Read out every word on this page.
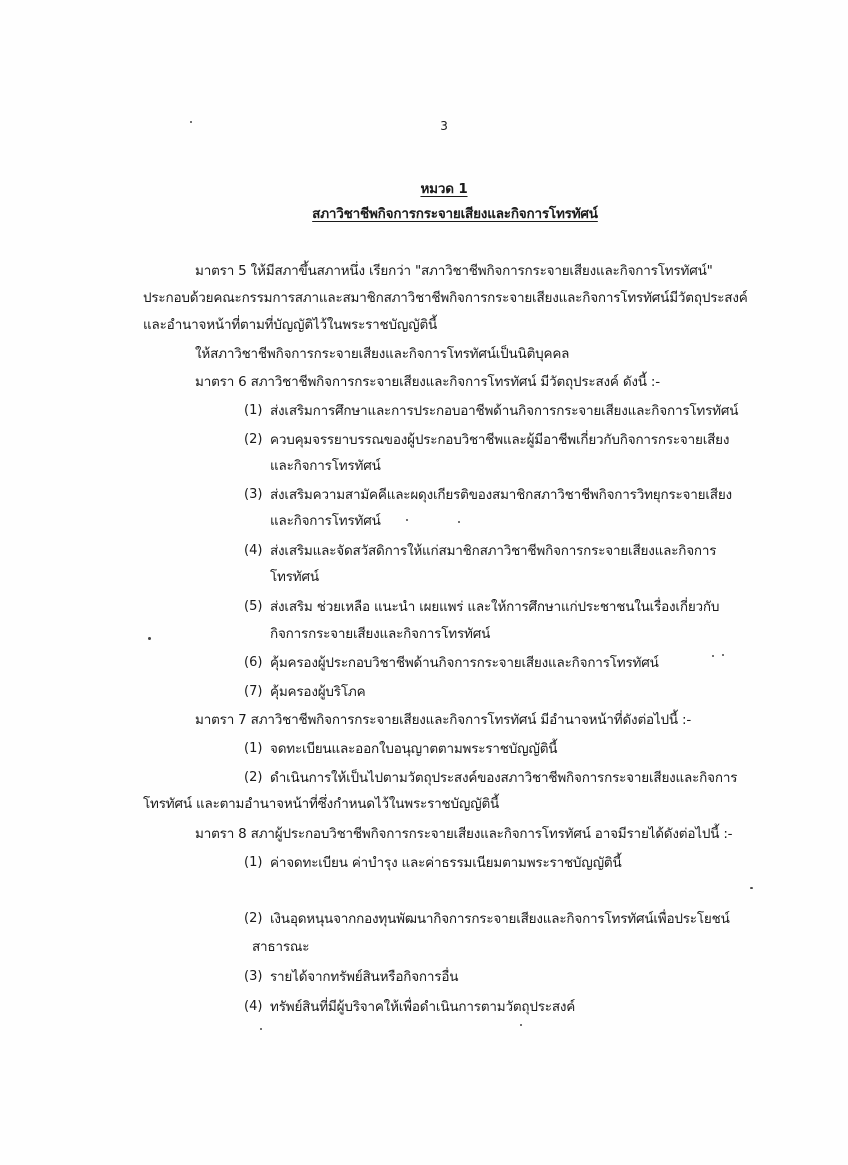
3
หมวด 1
สภาวิชาชีพกิจการกระจายเสียงและกิจการโทรทัศน์
มาตรา 5 ให้มีสภาขึ้นสภาหนึ่ง เรียกว่า "สภาวิชาชีพกิจการกระจายเสียงและกิจการโทรทัศน์"
ประกอบด้วยคณะกรรมการสภาและสมาชิกสภาวิชาชีพกิจการกระจายเสียงและกิจการโทรทัศน์มีวัตถุประสงค์
และอำนาจหน้าที่ตามที่บัญญัติไว้ในพระราชบัญญัตินี้
ให้สภาวิชาชีพกิจการกระจายเสียงและกิจการโทรทัศน์เป็นนิติบุคคล
มาตรา 6 สภาวิชาชีพกิจการกระจายเสียงและกิจการโทรทัศน์ มีวัตถุประสงค์ ดังนี้ :-
(1) ส่งเสริมการศึกษาและการประกอบอาชีพด้านกิจการกระจายเสียงและกิจการโทรทัศน์
(2) ควบคุมจรรยาบรรณของผู้ประกอบวิชาชีพและผู้มีอาชีพเกี่ยวกับกิจการกระจายเสียง
และกิจการโทรทัศน์
(3) ส่งเสริมความสามัคคีและผดุงเกียรติของสมาชิกสภาวิชาชีพกิจการวิทยุกระจายเสียง
และกิจการโทรทัศน์
(4) ส่งเสริมและจัดสวัสดิการให้แก่สมาชิกสภาวิชาชีพกิจการกระจายเสียงและกิจการ
โทรทัศน์
(5) ส่งเสริม ช่วยเหลือ แนะนำ เผยแพร่ และให้การศึกษาแก่ประชาชนในเรื่องเกี่ยวกับ
กิจการกระจายเสียงและกิจการโทรทัศน์
(6) คุ้มครองผู้ประกอบวิชาชีพด้านกิจการกระจายเสียงและกิจการโทรทัศน์
(7) คุ้มครองผู้บริโภค
มาตรา 7 สภาวิชาชีพกิจการกระจายเสียงและกิจการโทรทัศน์ มีอำนาจหน้าที่ดังต่อไปนี้ :-
(1) จดทะเบียนและออกใบอนุญาตตามพระราชบัญญัตินี้
(2) ดำเนินการให้เป็นไปตามวัตถุประสงค์ของสภาวิชาชีพกิจการกระจายเสียงและกิจการ
โทรทัศน์ และตามอำนาจหน้าที่ซึ่งกำหนดไว้ในพระราชบัญญัตินี้
มาตรา 8 สภาผู้ประกอบวิชาชีพกิจการกระจายเสียงและกิจการโทรทัศน์ อาจมีรายได้ดังต่อไปนี้ :-
(1) ค่าจดทะเบียน ค่าบำรุง และค่าธรรมเนียมตามพระราชบัญญัตินี้
(2) เงินอุดหนุนจากกองทุนพัฒนากิจการกระจายเสียงและกิจการโทรทัศน์เพื่อประโยชน์
สาธารณะ
(3) รายได้จากทรัพย์สินหรือกิจการอื่น
(4) ทรัพย์สินที่มีผู้บริจาคให้เพื่อดำเนินการตามวัตถุประสงค์
